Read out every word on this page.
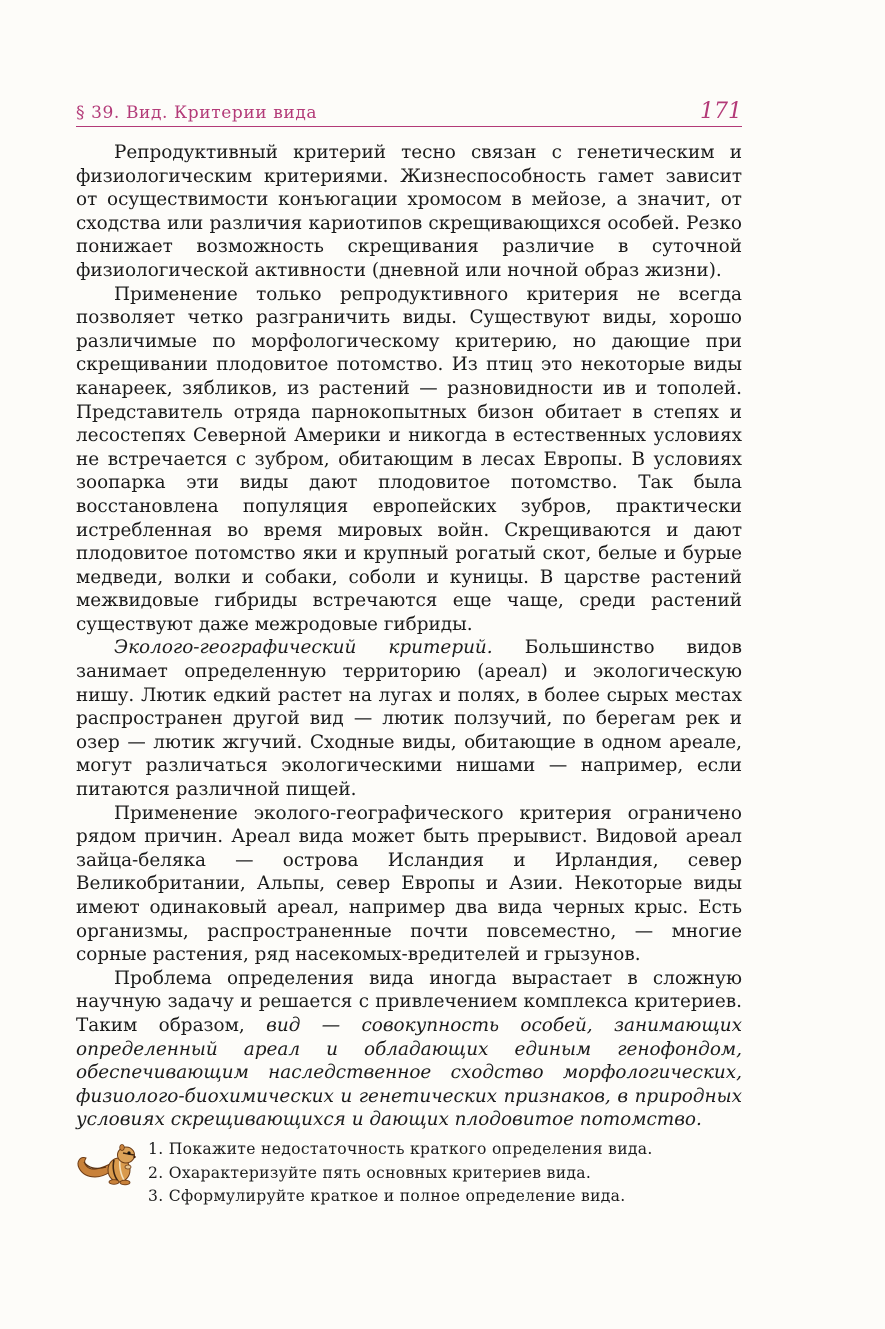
§ 39. Вид. Критерии вида	171

Репродуктивный критерий тесно связан с генетическим и физиологическим критериями. Жизнеспособность гамет зависит от осуществимости конъюгации хромосом в мейозе, а значит, от сходства или различия кариотипов скрещивающихся особей. Резко понижает возможность скрещивания различие в суточной физиологической активности (дневной или ночной образ жизни).

Применение только репродуктивного критерия не всегда позволяет четко разграничить виды. Существуют виды, хорошо различимые по морфологическому критерию, но дающие при скрещивании плодовитое потомство. Из птиц это некоторые виды канареек, зябликов, из растений — разновидности ив и тополей. Представитель отряда парнокопытных бизон обитает в степях и лесостепях Северной Америки и никогда в естественных условиях не встречается с зубром, обитающим в лесах Европы. В условиях зоопарка эти виды дают плодовитое потомство. Так была восстановлена популяция европейских зубров, практически истребленная во время мировых войн. Скрещиваются и дают плодовитое потомство яки и крупный рогатый скот, белые и бурые медведи, волки и собаки, соболи и куницы. В царстве растений межвидовые гибриды встречаются еще чаще, среди растений существуют даже межродовые гибриды.

Эколого-географический критерий. Большинство видов занимает определенную территорию (ареал) и экологическую нишу. Лютик едкий растет на лугах и полях, в более сырых местах распространен другой вид — лютик ползучий, по берегам рек и озер — лютик жгучий. Сходные виды, обитающие в одном ареале, могут различаться экологическими нишами — например, если питаются различной пищей.

Применение эколого-географического критерия ограничено рядом причин. Ареал вида может быть прерывист. Видовой ареал зайца-беляка — острова Исландия и Ирландия, север Великобритании, Альпы, север Европы и Азии. Некоторые виды имеют одинаковый ареал, например два вида черных крыс. Есть организмы, распространенные почти повсеместно, — многие сорные растения, ряд насекомых-вредителей и грызунов.

Проблема определения вида иногда вырастает в сложную научную задачу и решается с привлечением комплекса критериев. Таким образом, вид — совокупность особей, занимающих определенный ареал и обладающих единым генофондом, обеспечивающим наследственное сходство морфологических, физиолого-биохимических и генетических признаков, в природных условиях скрещивающихся и дающих плодовитое потомство.

1. Покажите недостаточность краткого определения вида.
2. Охарактеризуйте пять основных критериев вида.
3. Сформулируйте краткое и полное определение вида.
